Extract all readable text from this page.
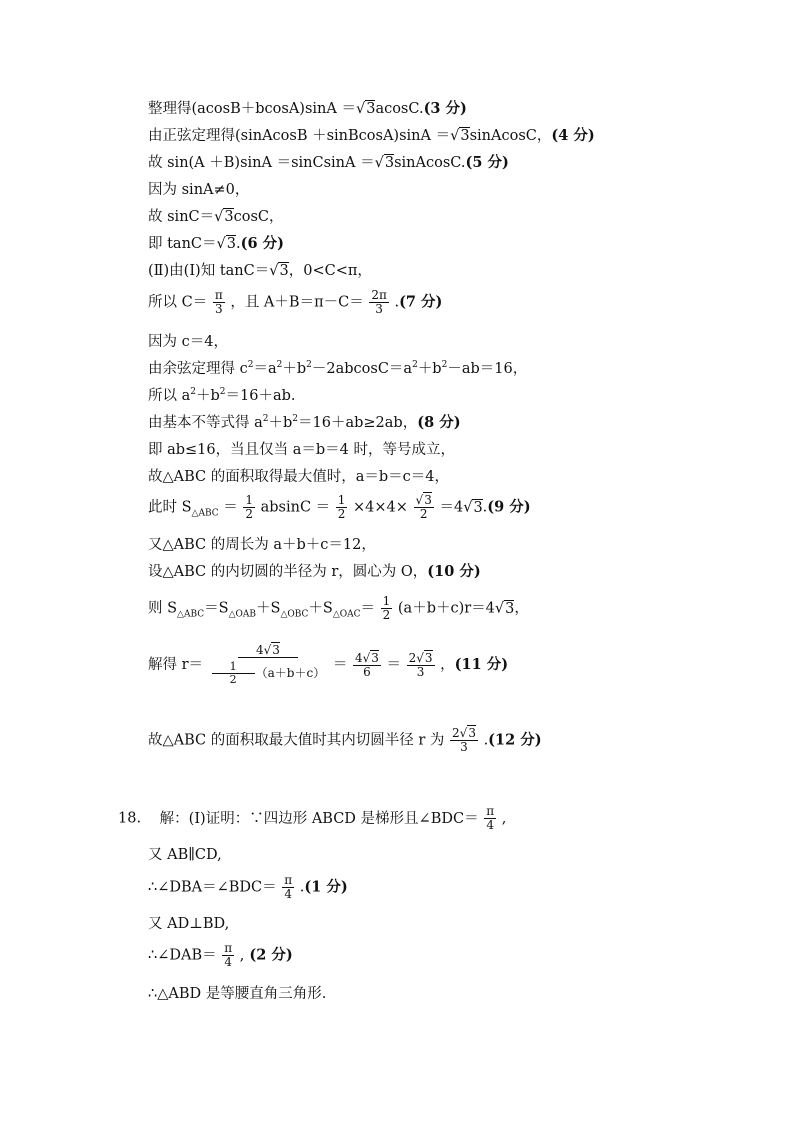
整理得(acosB＋bcosA)sinA ＝√3acosC.(3 分)
由正弦定理得(sinAcosB ＋sinBcosA)sinA ＝√3sinAcosC，(4 分)
故 sin(A ＋B)sinA ＝sinCsinA ＝√3sinAcosC.(5 分)
因为 sinA≠0，
故 sinC＝√3cosC，
即 tanC＝√3.(6 分)
(Ⅱ)由(Ⅰ)知 tanC＝√3，0<C<π，
所以 $C= \frac{\pi}{3}$ ，且 $A+B=\pi-C= \frac{2\pi}{3} .(7$ 分)
因为 c＝4，
由余弦定理得 $c^2=a^2+b^2-2abcosC=a^2+b^2-ab=16$，
所以 $a^2+b^2=16+ab$.
由基本不等式得 $a^2+b^2=16+ab\ge 2ab$，(8 分)
即 ab≤16，当且仅当 a＝b＝4 时，等号成立，
故△ABC 的面积取得最大值时，a＝b＝c＝4，
此时 $S_{\triangle ABC} = \frac{1}{2}$ $absinC = \frac{1}{2} \times 4\times 4\times \frac{√3}{2} =4√3.(9$ 分)
又△ABC 的周长为 a＋b＋c＝12，
设△ABC 的内切圆的半径为 r，圆心为 O，(10 分)
则 $S_{\triangle ABC}=S_{\triangle OAB}+S_{\triangle OBC}+S_{\triangle OAC}= \frac{1}{2} (a+b+c)r=4√3$，
解得 $r= \frac{4√3}{\frac{1}{2} (a+b+c)} = \frac{4√3}{6} = \frac{2√3}{3}$ ，(11 分)
故△ABC 的面积取最大值时其内切圆半径 r 为 $\frac{2√3}{3} .(12$ 分)
18. 解：(Ⅰ)证明：∵四边形 ABCD 是梯形且∠BDC＝ $\frac{\pi}{4}$ ,
又 AB∥CD,
∴∠DBA＝∠BDC＝ $\frac{\pi}{4} .(1$ 分)
又 AD⊥BD,
∴∠DAB＝ $\frac{\pi}{4}$ , (2 分)
∴△ABD 是等腰直角三角形.
